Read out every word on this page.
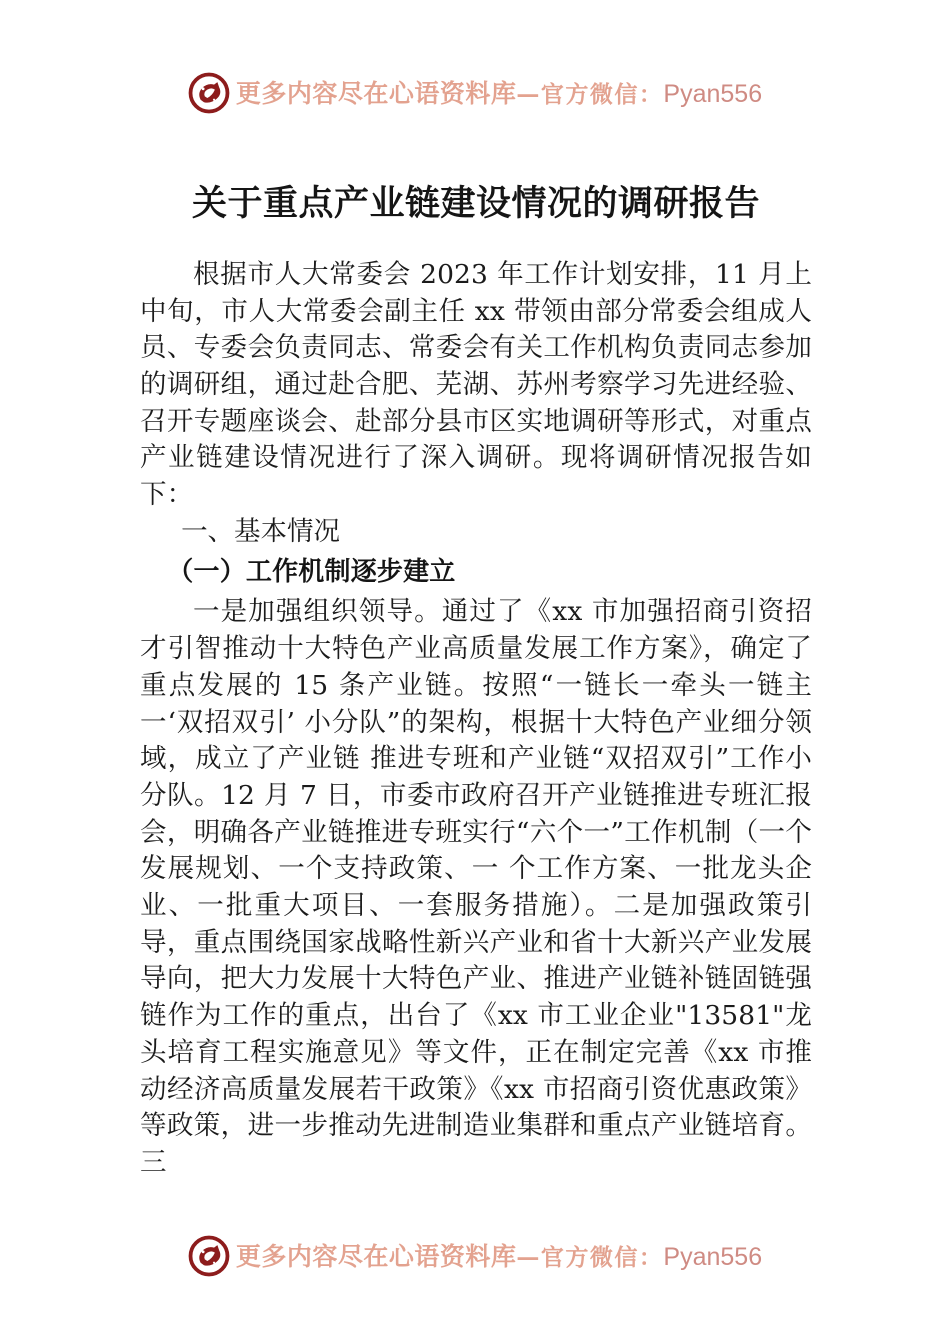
更多内容尽在心语资料库—官方微信：Pyan556
关于重点产业链建设情况的调研报告

根据市人大常委会 2023 年工作计划安排，11 月上中旬，市人大常委会副主任 xx 带领由部分常委会组成人员、专委会负责同志、常委会有关工作机构负责同志参加的调研组，通过赴合肥、芜湖、苏州考察学习先进经验、召开专题座谈会、赴部分县市区实地调研等形式，对重点产业链建设情况进行了深入调研。现将调研情况报告如下：

一、基本情况

（一）工作机制逐步建立

一是加强组织领导。通过了《xx 市加强招商引资招才引智推动十大特色产业高质量发展工作方案》，确定了重点发展的 15 条产业链。按照“一链长一牵头一链主一‘双招双引’ 小分队”的架构，根据十大特色产业细分领域，成立了产业链 推进专班和产业链“双招双引”工作小分队。12 月 7 日，市委市政府召开产业链推进专班汇报会，明确各产业链推进专班实行“六个一”工作机制（一个发展规划、一个支持政策、一 个工作方案、一批龙头企业、一批重大项目、一套服务措施）。二是加强政策引导，重点围绕国家战略性新兴产业和省十大新兴产业发展导向，把大力发展十大特色产业、推进产业链补链固链强链作为工作的重点，出台了《xx 市工业企业"13581"龙头培育工程实施意见》等文件，正在制定完善《xx 市推动经济高质量发展若干政策》《xx 市招商引资优惠政策》等政策，进一步推动先进制造业集群和重点产业链培育。三

更多内容尽在心语资料库—官方微信：Pyan556
